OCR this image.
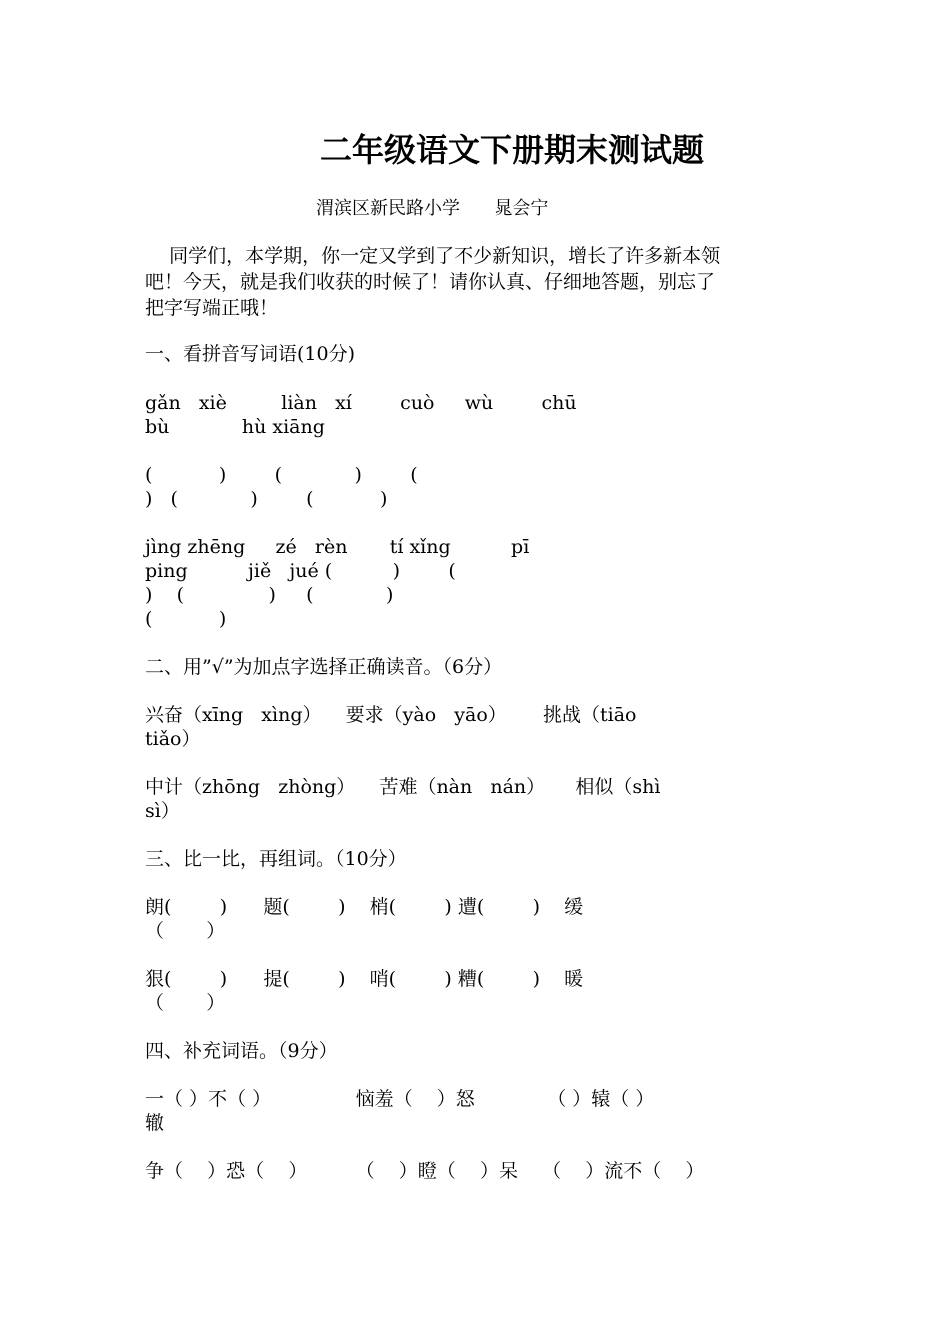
二年级语文下册期末测试题
渭滨区新民路小学      晁会宁
同学们，本学期，你一定又学到了不少新知识，增长了许多新本领
吧！今天，就是我们收获的时候了！请你认真、仔细地答题，别忘了
把字写端正哦！
一、看拼音写词语(10分)
gǎn   xiè         liàn   xí        cuò     wù        chū
bù            hù xiāng
(           )        (            )        (
)   (            )        (           )
jìng zhēng     zé   rèn       tí xǐng          pī
ping          jiě   jué (          )        (
)    (              )     (            )
(           )
二、用”√”为加点字选择正确读音。（6分）
兴奋（xīng   xìng）    要求（yào   yāo）      挑战（tiāo
tiǎo）
中计（zhōng   zhòng）    苦难（nàn   nán）     相似（shì
sì）
三、比一比，再组词。（10分）
朗(        )      题(        )    梢(        ) 遭(        )    缓
（       ）
狠(        )      提(        )    哨(        ) 糟(        )    暖
（       ）
四、补充词语。（9分）
一（ ）不（ ）              恼羞（    ）怒            （ ）辕（ ）
辙
争（    ）恐（    ）        （    ）瞪（    ）呆    （    ）流不（    ）
